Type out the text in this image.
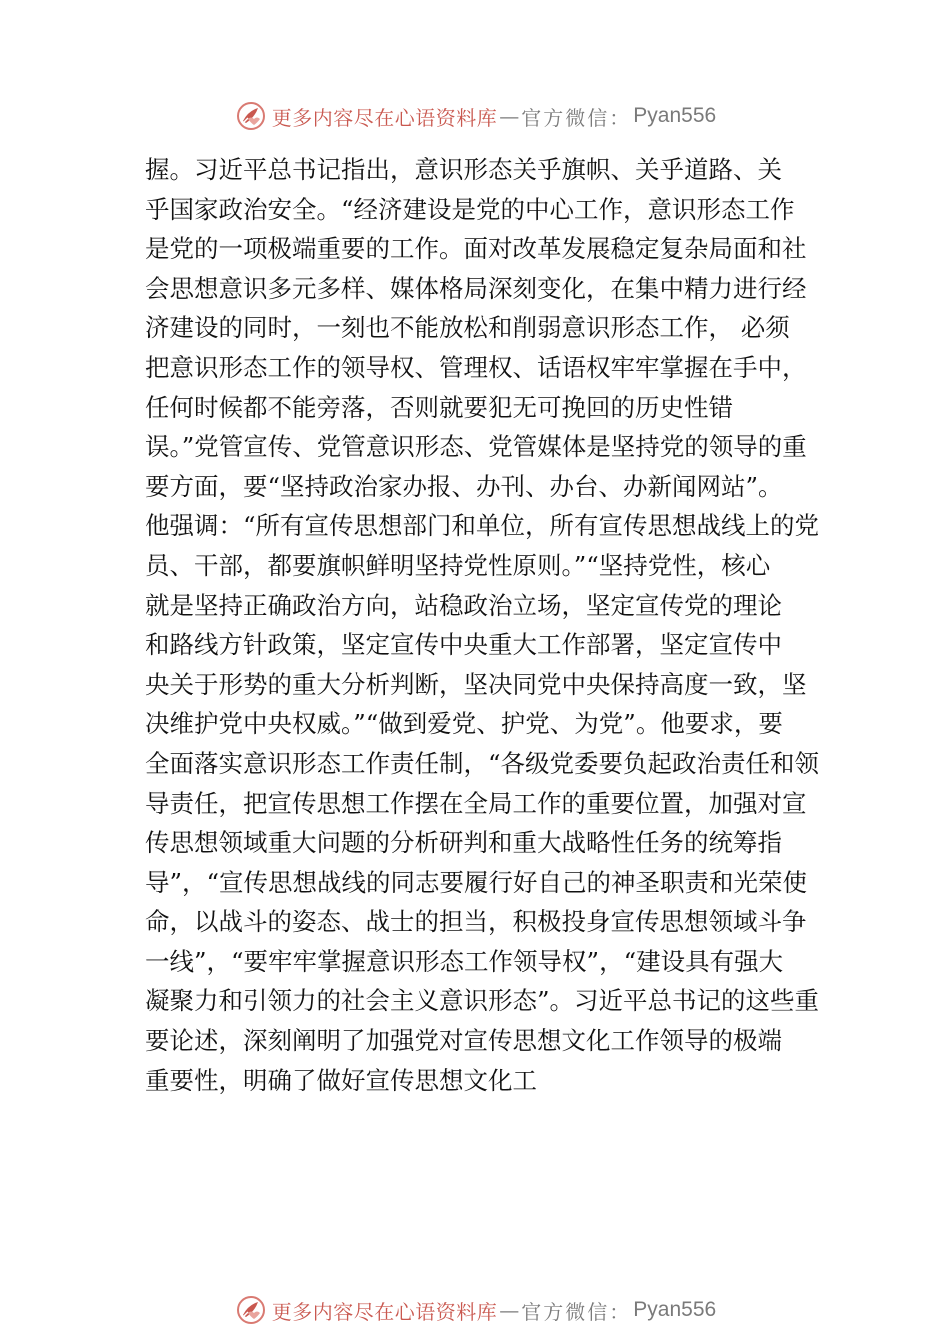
更多内容尽在心语资料库 — 官方微信： Pyan556
握。习近平总书记指出，意识形态关乎旗帜、关乎道路、关
乎国家政治安全。“经济建设是党的中心工作，意识形态工作
是党的一项极端重要的工作。面对改革发展稳定复杂局面和社
会思想意识多元多样、媒体格局深刻变化，在集中精力进行经
济建设的同时，一刻也不能放松和削弱意识形态工作， 必须
把意识形态工作的领导权、管理权、话语权牢牢掌握在手中，
任何时候都不能旁落，否则就要犯无可挽回的历史性错
误。”党管宣传、党管意识形态、党管媒体是坚持党的领导的重
要方面，要“坚持政治家办报、办刊、办台、办新闻网站”。
他强调：“所有宣传思想部门和单位，所有宣传思想战线上的党
员、干部，都要旗帜鲜明坚持党性原则。”“坚持党性，核心
就是坚持正确政治方向，站稳政治立场，坚定宣传党的理论
和路线方针政策，坚定宣传中央重大工作部署，坚定宣传中
央关于形势的重大分析判断，坚决同党中央保持高度一致，坚
决维护党中央权威。”“做到爱党、护党、为党”。他要求，要
全面落实意识形态工作责任制，“各级党委要负起政治责任和领
导责任，把宣传思想工作摆在全局工作的重要位置，加强对宣
传思想领域重大问题的分析研判和重大战略性任务的统筹指
导”，“宣传思想战线的同志要履行好自己的神圣职责和光荣使
命，以战斗的姿态、战士的担当，积极投身宣传思想领域斗争
一线”，“要牢牢掌握意识形态工作领导权”，“建设具有强大
凝聚力和引领力的社会主义意识形态”。习近平总书记的这些重
要论述，深刻阐明了加强党对宣传思想文化工作领导的极端
重要性，明确了做好宣传思想文化工
更多内容尽在心语资料库 — 官方微信： Pyan556
